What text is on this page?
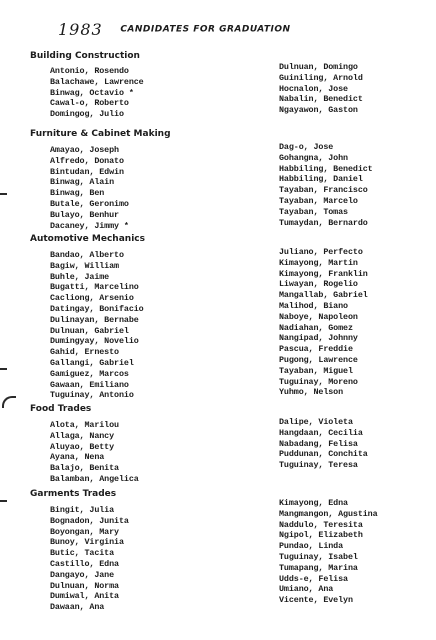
1983 CANDIDATES FOR GRADUATION
Building Construction
Antonio, Rosendo
Balachawe, Lawrence
Binwag, Octavio *
Cawal-o, Roberto
Domingog, Julio
Dulnuan, Domingo
Guiniling, Arnold
Hocnalon, Jose
Nabalin, Benedict
Ngayawon, Gaston
Furniture & Cabinet Making
Amayao, Joseph
Alfredo, Donato
Bintudan, Edwin
Binwag, Alain
Binwag, Ben
Butale, Geronimo
Bulayo, Benhur
Dacaney, Jimmy *
Dag-o, Jose
Gohangna, John
Habbiling, Benedict
Habbiling, Daniel
Tayaban, Francisco
Tayaban, Marcelo
Tayaban, Tomas
Tumaydan, Bernardo
Automotive Mechanics
Bandao, Alberto
Bagiw, William
Buhle, Jaime
Bugatti, Marcelino
Cacliong, Arsenio
Datingay, Bonifacio
Dulinayan, Bernabe
Dulnuan, Gabriel
Dumingyay, Novelio
Gahid, Ernesto
Gallangi, Gabriel
Gamiguez, Marcos
Gawaan, Emiliano
Tuguinay, Antonio
Juliano, Perfecto
Kimayong, Martin
Kimayong, Franklin
Liwayan, Rogelio
Mangallab, Gabriel
Malihod, Biano
Naboye, Napoleon
Nadiahan, Gomez
Nangipad, Johnny
Pascua, Freddie
Pugong, Lawrence
Tayaban, Miguel
Tuguinay, Moreno
Yuhmo, Nelson
Food Trades
Alota, Marilou
Allaga, Nancy
Aluyao, Betty
Ayana, Nena
Balajo, Benita
Balamban, Angelica
Dalipe, Violeta
Hangdaan, Cecilia
Nabadang, Felisa
Puddunan, Conchita
Tuguinay, Teresa
Garments Trades
Bingit, Julia
Bognadon, Junita
Boyongan, Mary
Bunoy, Virginia
Butic, Tacita
Castillo, Edna
Dangayo, Jane
Dulnuan, Norma
Dumiwal, Anita
Dawaan, Ana
Kimayong, Edna
Mangmangon, Agustina
Naddulo, Teresita
Ngipol, Elizabeth
Pundao, Linda
Tuguinay, Isabel
Tumapang, Marina
Udds-e, Felisa
Umiano, Ana
Vicente, Evelyn
